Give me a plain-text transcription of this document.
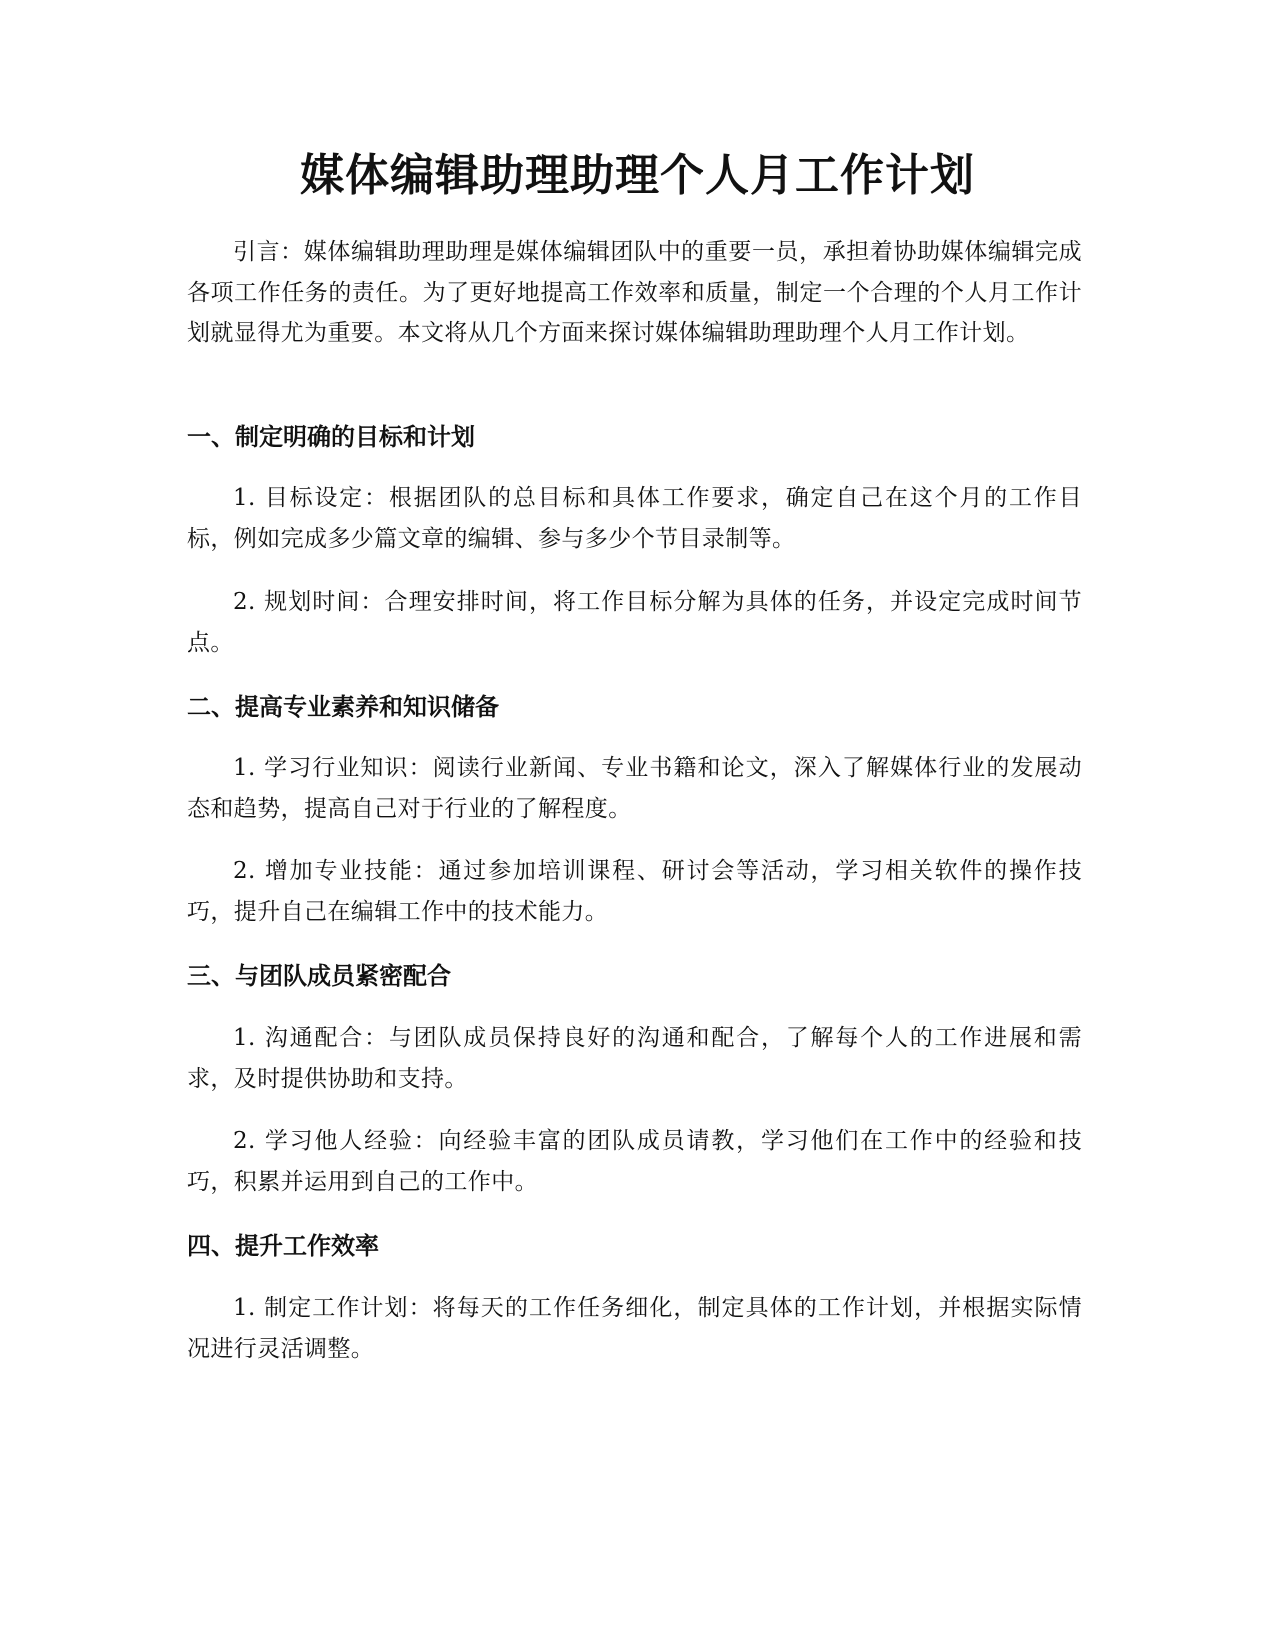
媒体编辑助理助理个人月工作计划

引言：媒体编辑助理助理是媒体编辑团队中的重要一员，承担着协助媒体编辑完成各项工作任务的责任。为了更好地提高工作效率和质量，制定一个合理的个人月工作计划就显得尤为重要。本文将从几个方面来探讨媒体编辑助理助理个人月工作计划。

一、制定明确的目标和计划

1. 目标设定：根据团队的总目标和具体工作要求，确定自己在这个月的工作目标，例如完成多少篇文章的编辑、参与多少个节目录制等。

2. 规划时间：合理安排时间，将工作目标分解为具体的任务，并设定完成时间节点。

二、提高专业素养和知识储备

1. 学习行业知识：阅读行业新闻、专业书籍和论文，深入了解媒体行业的发展动态和趋势，提高自己对于行业的了解程度。

2. 增加专业技能：通过参加培训课程、研讨会等活动，学习相关软件的操作技巧，提升自己在编辑工作中的技术能力。

三、与团队成员紧密配合

1. 沟通配合：与团队成员保持良好的沟通和配合，了解每个人的工作进展和需求，及时提供协助和支持。

2. 学习他人经验：向经验丰富的团队成员请教，学习他们在工作中的经验和技巧，积累并运用到自己的工作中。

四、提升工作效率

1. 制定工作计划：将每天的工作任务细化，制定具体的工作计划，并根据实际情况进行灵活调整。
